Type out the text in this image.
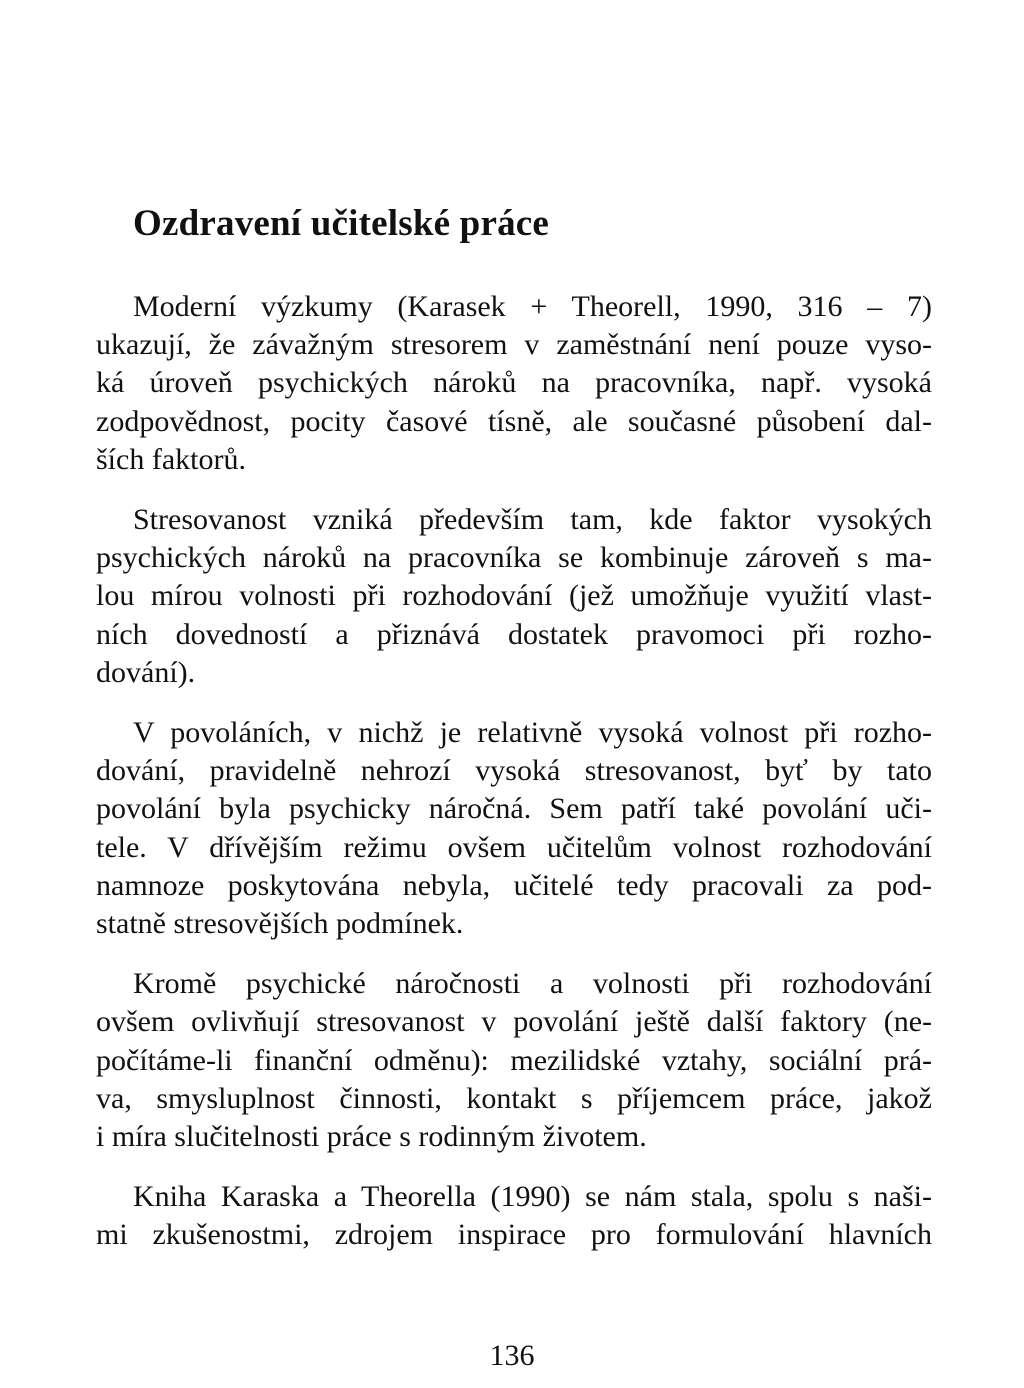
Ozdravení učitelské práce

Moderní výzkumy (Karasek + Theorell, 1990, 316 – 7)
ukazují, že závažným stresorem v zaměstnání není pouze vyso-
ká úroveň psychických nároků na pracovníka, např. vysoká
zodpovědnost, pocity časové tísně, ale současné působení dal-
ších faktorů.

Stresovanost vzniká především tam, kde faktor vysokých
psychických nároků na pracovníka se kombinuje zároveň s ma-
lou mírou volnosti při rozhodování (jež umožňuje využití vlast-
ních dovedností a přiznává dostatek pravomoci při rozho-
dování).

V povoláních, v nichž je relativně vysoká volnost při rozho-
dování, pravidelně nehrozí vysoká stresovanost, byť by tato
povolání byla psychicky náročná. Sem patří také povolání uči-
tele. V dřívějším režimu ovšem učitelům volnost rozhodování
namnoze poskytována nebyla, učitelé tedy pracovali za pod-
statně stresovějších podmínek.

Kromě psychické náročnosti a volnosti při rozhodování
ovšem ovlivňují stresovanost v povolání ještě další faktory (ne-
počítáme-li finanční odměnu): mezilidské vztahy, sociální prá-
va, smysluplnost činnosti, kontakt s příjemcem práce, jakož
i míra slučitelnosti práce s rodinným životem.

Kniha Karaska a Theorella (1990) se nám stala, spolu s naši-
mi zkušenostmi, zdrojem inspirace pro formulování hlavních

136
